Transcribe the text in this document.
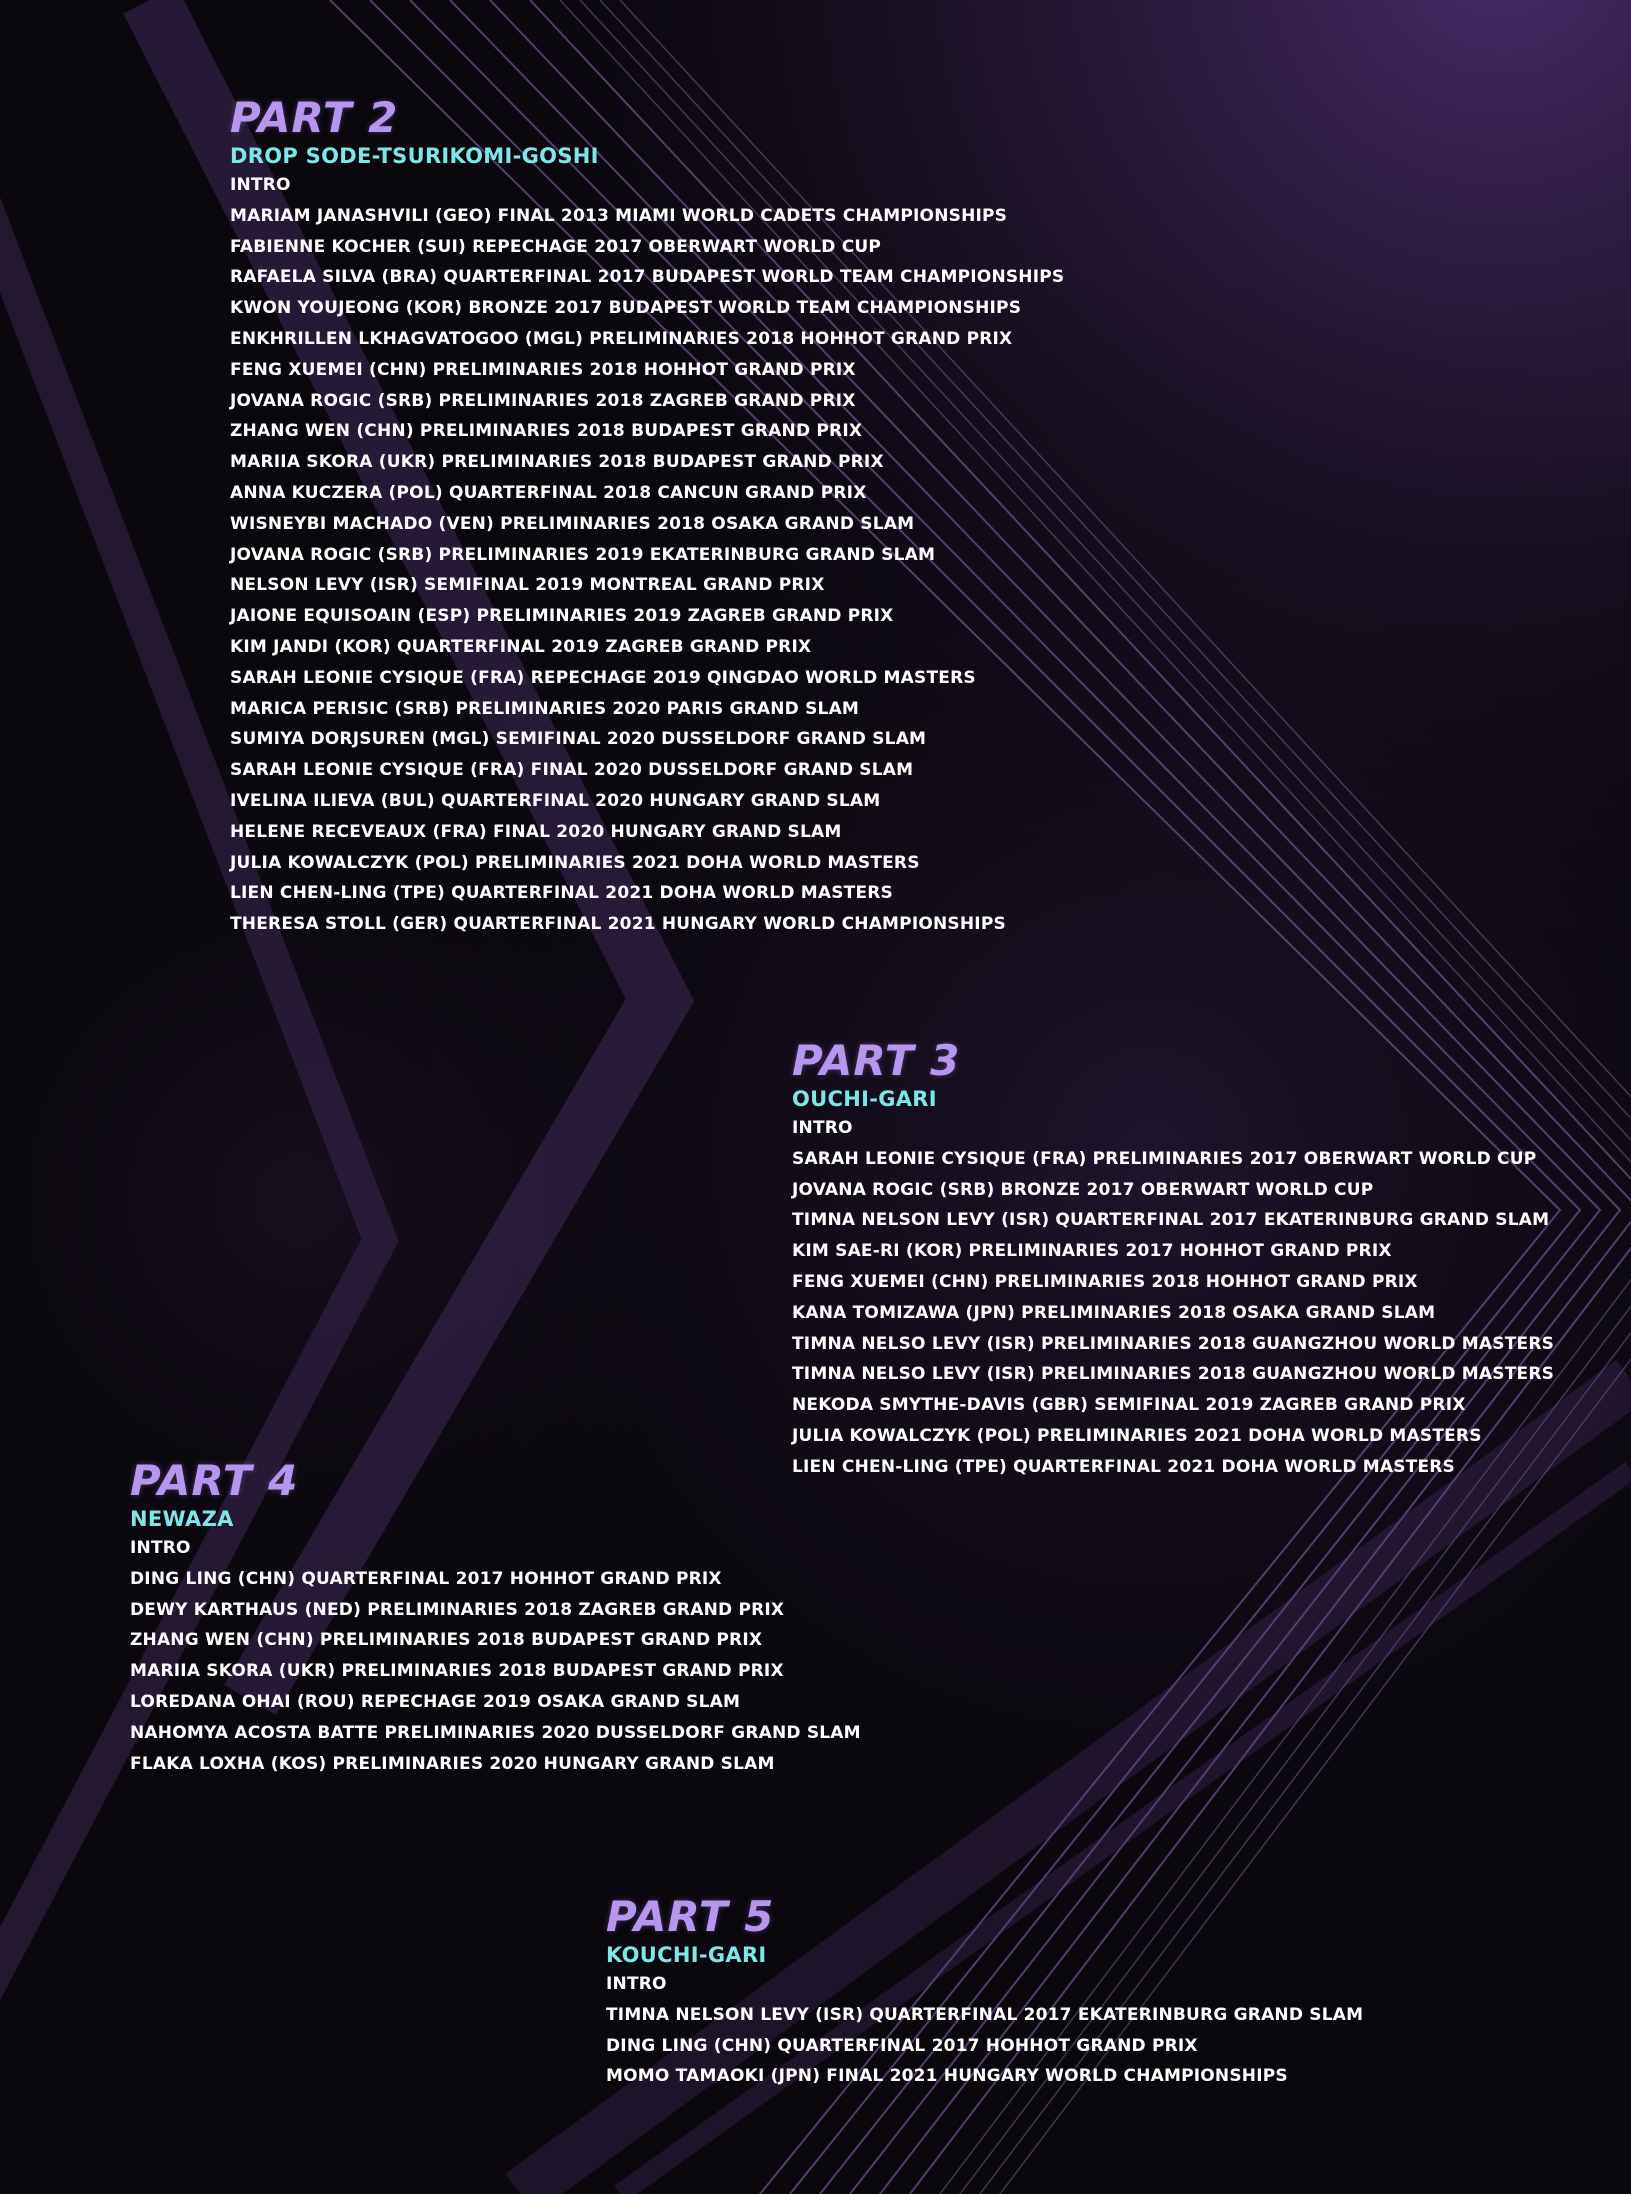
PART 2
DROP SODE-TSURIKOMI-GOSHI
INTRO
MARIAM JANASHVILI (GEO) FINAL 2013 MIAMI WORLD CADETS CHAMPIONSHIPS
FABIENNE KOCHER (SUI) REPECHAGE 2017 OBERWART WORLD CUP
RAFAELA SILVA (BRA) QUARTERFINAL 2017 BUDAPEST WORLD TEAM CHAMPIONSHIPS
KWON YOUJEONG (KOR) BRONZE 2017 BUDAPEST WORLD TEAM CHAMPIONSHIPS
ENKHRILLEN LKHAGVATOGOO (MGL) PRELIMINARIES 2018 HOHHOT GRAND PRIX
FENG XUEMEI (CHN) PRELIMINARIES 2018 HOHHOT GRAND PRIX
JOVANA ROGIC (SRB) PRELIMINARIES 2018 ZAGREB GRAND PRIX
ZHANG WEN (CHN) PRELIMINARIES 2018 BUDAPEST GRAND PRIX
MARIIA SKORA (UKR) PRELIMINARIES 2018 BUDAPEST GRAND PRIX
ANNA KUCZERA (POL) QUARTERFINAL 2018 CANCUN GRAND PRIX
WISNEYBI MACHADO (VEN) PRELIMINARIES 2018 OSAKA GRAND SLAM
JOVANA ROGIC (SRB) PRELIMINARIES 2019 EKATERINBURG GRAND SLAM
NELSON LEVY (ISR) SEMIFINAL 2019 MONTREAL GRAND PRIX
JAIONE EQUISOAIN (ESP) PRELIMINARIES 2019 ZAGREB GRAND PRIX
KIM JANDI (KOR) QUARTERFINAL 2019 ZAGREB GRAND PRIX
SARAH LEONIE CYSIQUE (FRA) REPECHAGE 2019 QINGDAO WORLD MASTERS
MARICA PERISIC (SRB) PRELIMINARIES 2020 PARIS GRAND SLAM
SUMIYA DORJSUREN (MGL) SEMIFINAL 2020 DUSSELDORF GRAND SLAM
SARAH LEONIE CYSIQUE (FRA) FINAL 2020 DUSSELDORF GRAND SLAM
IVELINA ILIEVA (BUL) QUARTERFINAL 2020 HUNGARY GRAND SLAM
HELENE RECEVEAUX (FRA) FINAL 2020 HUNGARY GRAND SLAM
JULIA KOWALCZYK (POL) PRELIMINARIES 2021 DOHA WORLD MASTERS
LIEN CHEN-LING (TPE) QUARTERFINAL 2021 DOHA WORLD MASTERS
THERESA STOLL (GER) QUARTERFINAL 2021 HUNGARY WORLD CHAMPIONSHIPS
PART 3
OUCHI-GARI
INTRO
SARAH LEONIE CYSIQUE (FRA) PRELIMINARIES 2017 OBERWART WORLD CUP
JOVANA ROGIC (SRB) BRONZE 2017 OBERWART WORLD CUP
TIMNA NELSON LEVY (ISR) QUARTERFINAL 2017 EKATERINBURG GRAND SLAM
KIM SAE-RI (KOR) PRELIMINARIES 2017 HOHHOT GRAND PRIX
FENG XUEMEI (CHN) PRELIMINARIES 2018 HOHHOT GRAND PRIX
KANA TOMIZAWA (JPN) PRELIMINARIES 2018 OSAKA GRAND SLAM
TIMNA NELSO LEVY (ISR) PRELIMINARIES 2018 GUANGZHOU WORLD MASTERS
TIMNA NELSO LEVY (ISR) PRELIMINARIES 2018 GUANGZHOU WORLD MASTERS
NEKODA SMYTHE-DAVIS (GBR) SEMIFINAL 2019 ZAGREB GRAND PRIX
JULIA KOWALCZYK (POL) PRELIMINARIES 2021 DOHA WORLD MASTERS
LIEN CHEN-LING (TPE) QUARTERFINAL 2021 DOHA WORLD MASTERS
PART 4
NEWAZA
INTRO
DING LING (CHN) QUARTERFINAL 2017 HOHHOT GRAND PRIX
DEWY KARTHAUS (NED) PRELIMINARIES 2018 ZAGREB GRAND PRIX
ZHANG WEN (CHN) PRELIMINARIES 2018 BUDAPEST GRAND PRIX
MARIIA SKORA (UKR) PRELIMINARIES 2018 BUDAPEST GRAND PRIX
LOREDANA OHAI (ROU) REPECHAGE 2019 OSAKA GRAND SLAM
NAHOMYA ACOSTA BATTE PRELIMINARIES 2020 DUSSELDORF GRAND SLAM
FLAKA LOXHA (KOS) PRELIMINARIES 2020 HUNGARY GRAND SLAM
PART 5
KOUCHI-GARI
INTRO
TIMNA NELSON LEVY (ISR) QUARTERFINAL 2017 EKATERINBURG GRAND SLAM
DING LING (CHN) QUARTERFINAL 2017 HOHHOT GRAND PRIX
MOMO TAMAOKI (JPN) FINAL 2021 HUNGARY WORLD CHAMPIONSHIPS
